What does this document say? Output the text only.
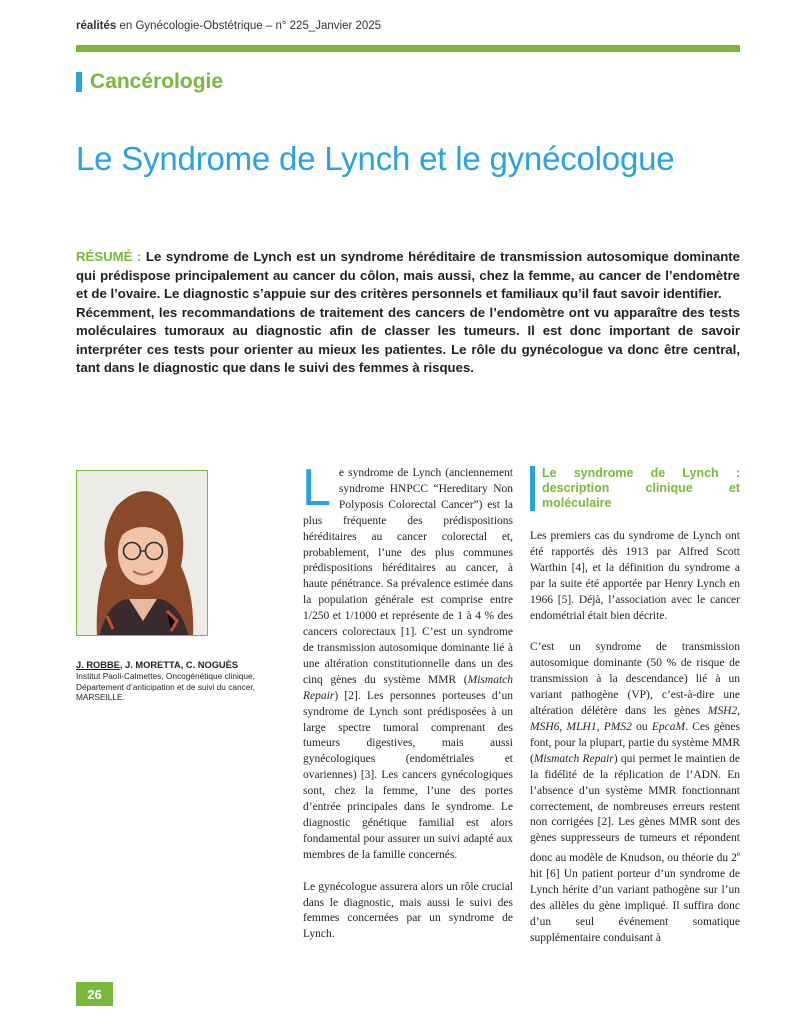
réalités en Gynécologie-Obstétrique – n° 225_Janvier 2025
Cancérologie
Le Syndrome de Lynch et le gynécologue

RÉSUMÉ : Le syndrome de Lynch est un syndrome héréditaire de transmission autosomique dominante qui prédispose principalement au cancer du côlon, mais aussi, chez la femme, au cancer de l’endomètre et de l’ovaire. Le diagnostic s’appuie sur des critères personnels et familiaux qu’il faut savoir identifier.

Récemment, les recommandations de traitement des cancers de l’endomètre ont vu apparaître des tests moléculaires tumoraux au diagnostic afin de classer les tumeurs. Il est donc important de savoir interpréter ces tests pour orienter au mieux les patientes. Le rôle du gynécologue va donc être central, tant dans le diagnostic que dans le suivi des femmes à risques.

J. ROBBE, J. MORETTA, C. NOGUÈS
Institut Paoli-Calmettes, Oncogénétique clinique, Département d’anticipation et de suivi du cancer, MARSEILLE.

Le syndrome de Lynch (anciennement syndrome HNPCC “Hereditary Non Polyposis Colorectal Cancer”) est la plus fréquente des prédispositions héréditaires au cancer colorectal et, probablement, l’une des plus communes prédispositions héréditaires au cancer, à haute pénétrance. Sa prévalence estimée dans la population générale est comprise entre 1/250 et 1/1000 et représente de 1 à 4 % des cancers colorectaux [1]. C’est un syndrome de transmission autosomique dominante lié à une altération constitutionnelle dans un des cinq gènes du système MMR (Mismatch Repair) [2]. Les personnes porteuses d’un syndrome de Lynch sont prédisposées à un large spectre tumoral comprenant des tumeurs digestives, mais aussi gynécologiques (endométriales et ovariennes) [3]. Les cancers gynécologiques sont, chez la femme, l’une des portes d’entrée principales dans le syndrome. Le diagnostic génétique familial est alors fondamental pour assurer un suivi adapté aux membres de la famille concernés.

Le gynécologue assurera alors un rôle crucial dans le diagnostic, mais aussi le suivi des femmes concernées par un syndrome de Lynch.

Le syndrome de Lynch : description clinique et moléculaire

Les premiers cas du syndrome de Lynch ont été rapportés dès 1913 par Alfred Scott Warthin [4], et la définition du syndrome a par la suite été apportée par Henry Lynch en 1966 [5]. Déjà, l’association avec le cancer endométrial était bien décrite.

C’est un syndrome de transmission autosomique dominante (50 % de risque de transmission à la descendance) lié à un variant pathogène (VP), c’est-à-dire une altération délétère dans les gènes MSH2, MSH6, MLH1, PMS2 ou EpcaM. Ces gènes font, pour la plupart, partie du système MMR (Mismatch Repair) qui permet le maintien de la fidélité de la réplication de l’ADN. En l’absence d’un système MMR fonctionnant correctement, de nombreuses erreurs restent non corrigées [2]. Les gènes MMR sont des gènes suppresseurs de tumeurs et répondent donc au modèle de Knudson, ou théorie du 2e hit [6] Un patient porteur d’un syndrome de Lynch hérite d’un variant pathogène sur l’un des allèles du gène impliqué. Il suffira donc d’un seul événement somatique supplémentaire conduisant à

26
